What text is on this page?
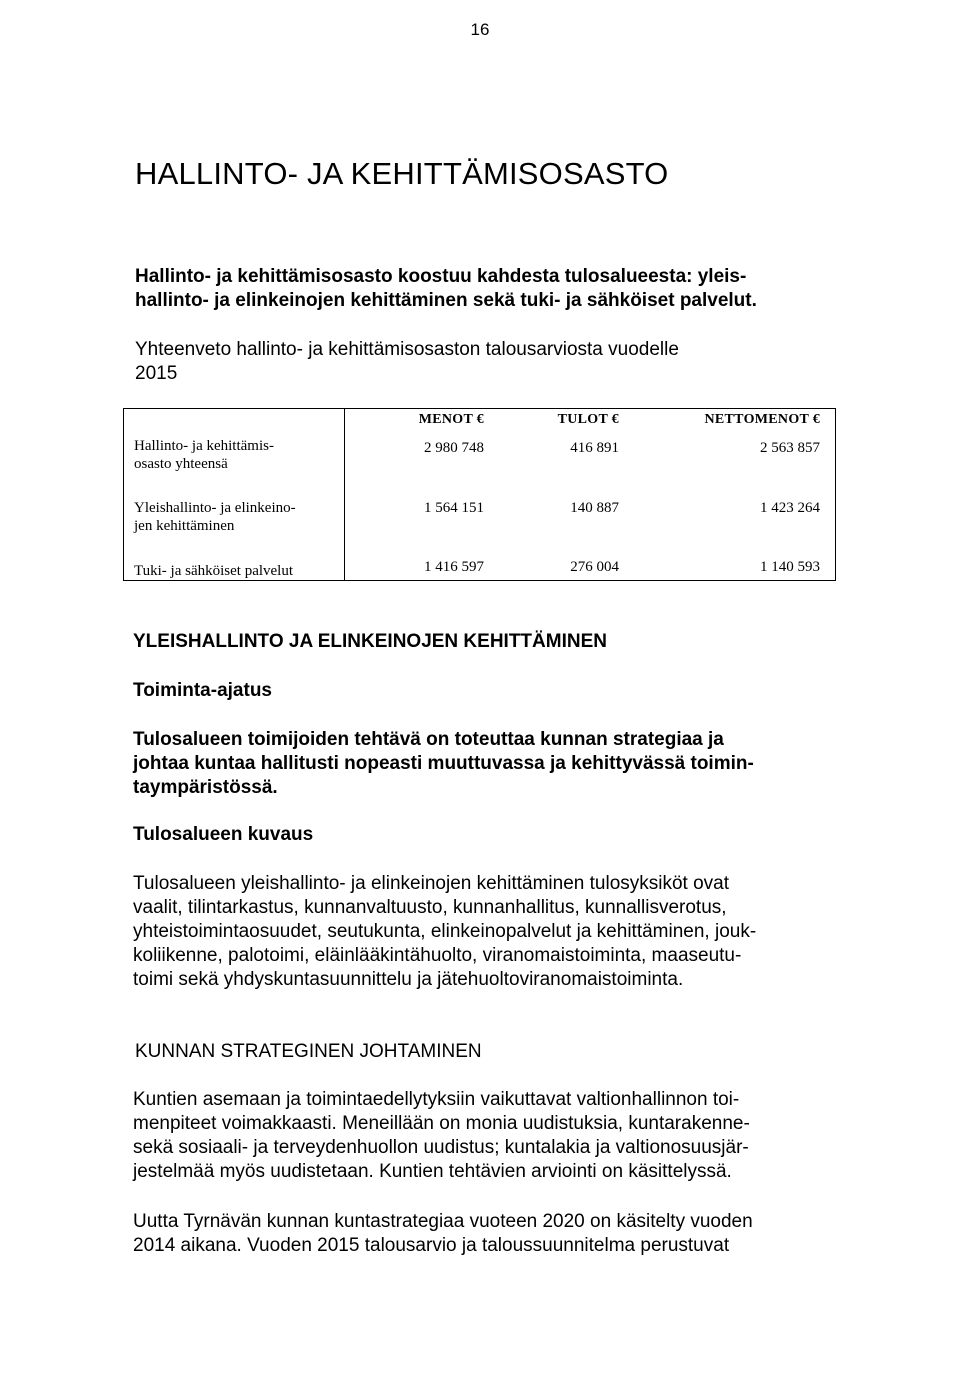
16
HALLINTO- JA KEHITTÄMISOSASTO
Hallinto- ja kehittämisosasto koostuu kahdesta tulosalueesta: yleis-
hallinto- ja elinkeinojen kehittäminen sekä tuki- ja sähköiset palvelut.
Yhteenveto hallinto- ja kehittämisosaston talousarviosta vuodelle
2015
MENOT €	TULOT €	NETTOMENOT €
Hallinto- ja kehittämis-
osasto yhteensä
2 980 748	416 891	2 563 857
Yleishallinto- ja elinkeino-
jen kehittäminen
1 564 151	140 887	1 423 264
Tuki- ja sähköiset palvelut	1 416 597	276 004	1 140 593
YLEISHALLINTO JA ELINKEINOJEN KEHITTÄMINEN
Toiminta-ajatus
Tulosalueen toimijoiden tehtävä on toteuttaa kunnan strategiaa ja
johtaa kuntaa hallitusti nopeasti muuttuvassa ja kehittyvässä toimin-
taympäristössä.
Tulosalueen kuvaus
Tulosalueen yleishallinto- ja elinkeinojen kehittäminen tulosyksiköt ovat
vaalit, tilintarkastus, kunnanvaltuusto, kunnanhallitus, kunnallisverotus,
yhteistoimintaosuudet, seutukunta, elinkeinopalvelut ja kehittäminen, jouk-
koliikenne, palotoimi, eläinlääkintähuolto, viranomaistoiminta, maaseutu-
toimi sekä yhdyskuntasuunnittelu ja jätehuoltoviranomaistoiminta.
KUNNAN STRATEGINEN JOHTAMINEN
Kuntien asemaan ja toimintaedellytyksiin vaikuttavat valtionhallinnon toi-
menpiteet voimakkaasti. Meneillään on monia uudistuksia, kuntarakenne-
sekä sosiaali- ja terveydenhuollon uudistus; kuntalakia ja valtionosuusjär-
jestelmää myös uudistetaan. Kuntien tehtävien arviointi on käsittelyssä.
Uutta Tyrnävän kunnan kuntastrategiaa vuoteen 2020 on käsitelty vuoden
2014 aikana. Vuoden 2015 talousarvio ja taloussuunnitelma perustuvat
